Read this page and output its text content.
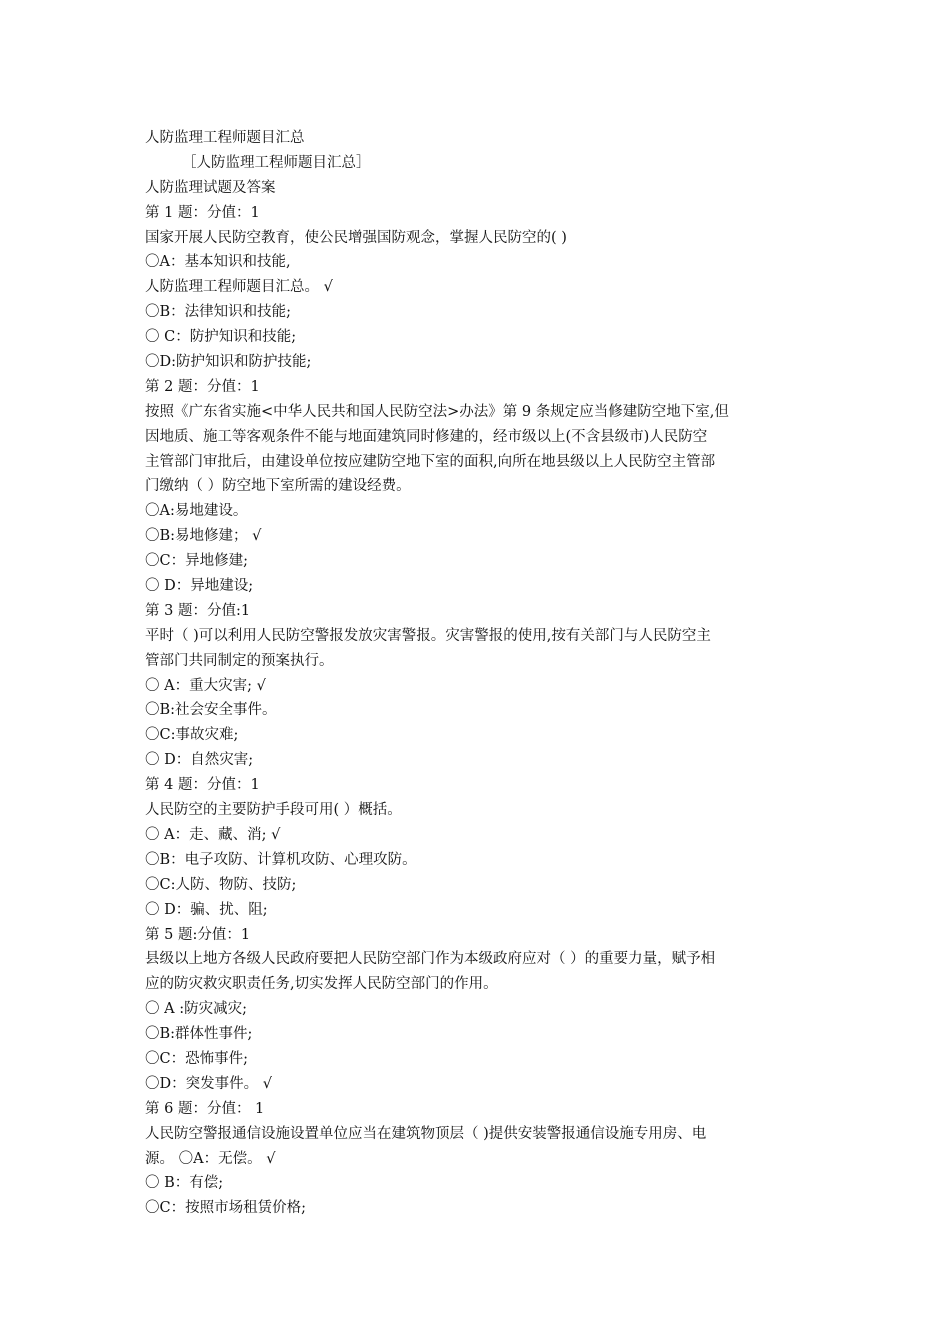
人防监理工程师题目汇总
［人防监理工程师题目汇总］
人防监理试题及答案
第 1 题：分值：1
国家开展人民防空教育，使公民增强国防观念，掌握人民防空的( )
〇A：基本知识和技能,
人防监理工程师题目汇总。 √
〇B：法律知识和技能;
〇 C：防护知识和技能;
〇D:防护知识和防护技能;
第 2 题：分值：1
按照《广东省实施<中华人民共和国人民防空法>办法》第 9 条规定应当修建防空地下室,但
因地质、施工等客观条件不能与地面建筑同时修建的，经市级以上(不含县级市)人民防空
主管部门审批后，由建设单位按应建防空地下室的面积,向所在地县级以上人民防空主管部
门缴纳（ ）防空地下室所需的建设经费。
〇A:易地建设。
〇B:易地修建； √
〇C：异地修建;
〇 D：异地建设;
第 3 题：分值:1
平时（ )可以利用人民防空警报发放灾害警报。灾害警报的使用,按有关部门与人民防空主
管部门共同制定的预案执行。
〇 A：重大灾害; √
〇B:社会安全事件。
〇C:事故灾难;
〇 D：自然灾害;
第 4 题：分值：1
人民防空的主要防护手段可用( ）概括。
〇 A：走、藏、消; √
〇B：电子攻防、计算机攻防、心理攻防。
〇C:人防、物防、技防;
〇 D：骗、扰、阻;
第 5 题:分值：1
县级以上地方各级人民政府要把人民防空部门作为本级政府应对（ ）的重要力量，赋予相
应的防灾救灾职责任务,切实发挥人民防空部门的作用。
〇 A :防灾减灾;
〇B:群体性事件;
〇C：恐怖事件;
〇D：突发事件。 √
第 6 题：分值： 1
人民防空警报通信设施设置单位应当在建筑物顶层（ )提供安装警报通信设施专用房、电
源。 〇A：无偿。 √
〇 B：有偿;
〇C：按照市场租赁价格;
